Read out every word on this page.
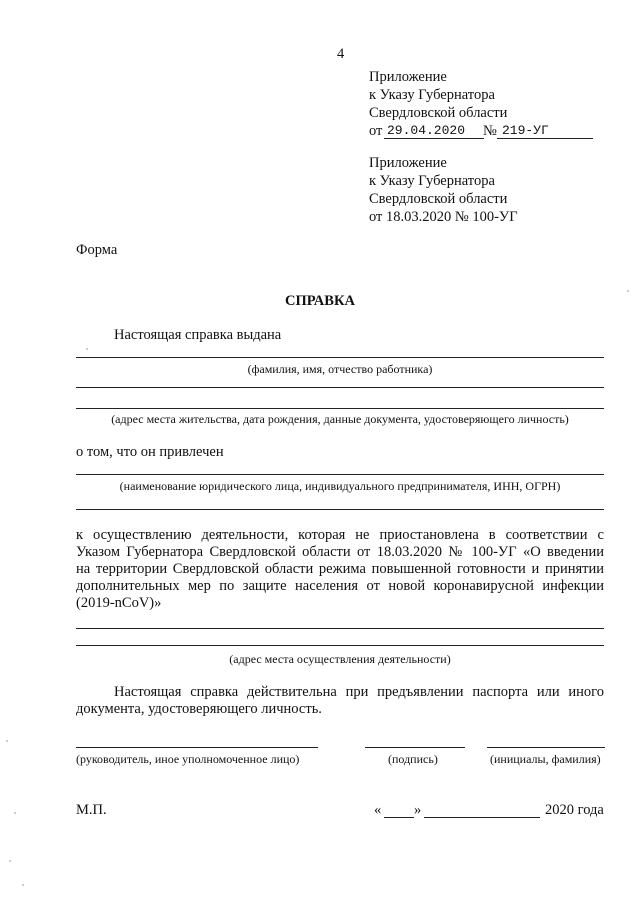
4
Приложение
к Указу Губернатора
Свердловской области
от 29.04.2020 № 219-УГ
Приложение
к Указу Губернатора
Свердловской области
от 18.03.2020 № 100-УГ
Форма
СПРАВКА
Настоящая справка выдана
(фамилия, имя, отчество работника)
(адрес места жительства, дата рождения, данные документа, удостоверяющего личность)
о том, что он привлечен
(наименование юридического лица, индивидуального предпринимателя, ИНН, ОГРН)
к осуществлению деятельности, которая не приостановлена в соответствии с
Указом Губернатора Свердловской области от 18.03.2020 № 100-УГ «О введении
на территории Свердловской области режима повышенной готовности и принятии
дополнительных мер по защите населения от новой коронавирусной инфекции
(2019-nCoV)»
(адрес места осуществления деятельности)
Настоящая справка действительна при предъявлении паспорта или иного
документа, удостоверяющего личность.
(руководитель, иное уполномоченное лицо)	(подпись)	(инициалы, фамилия)
М.П.	« »	2020 года
